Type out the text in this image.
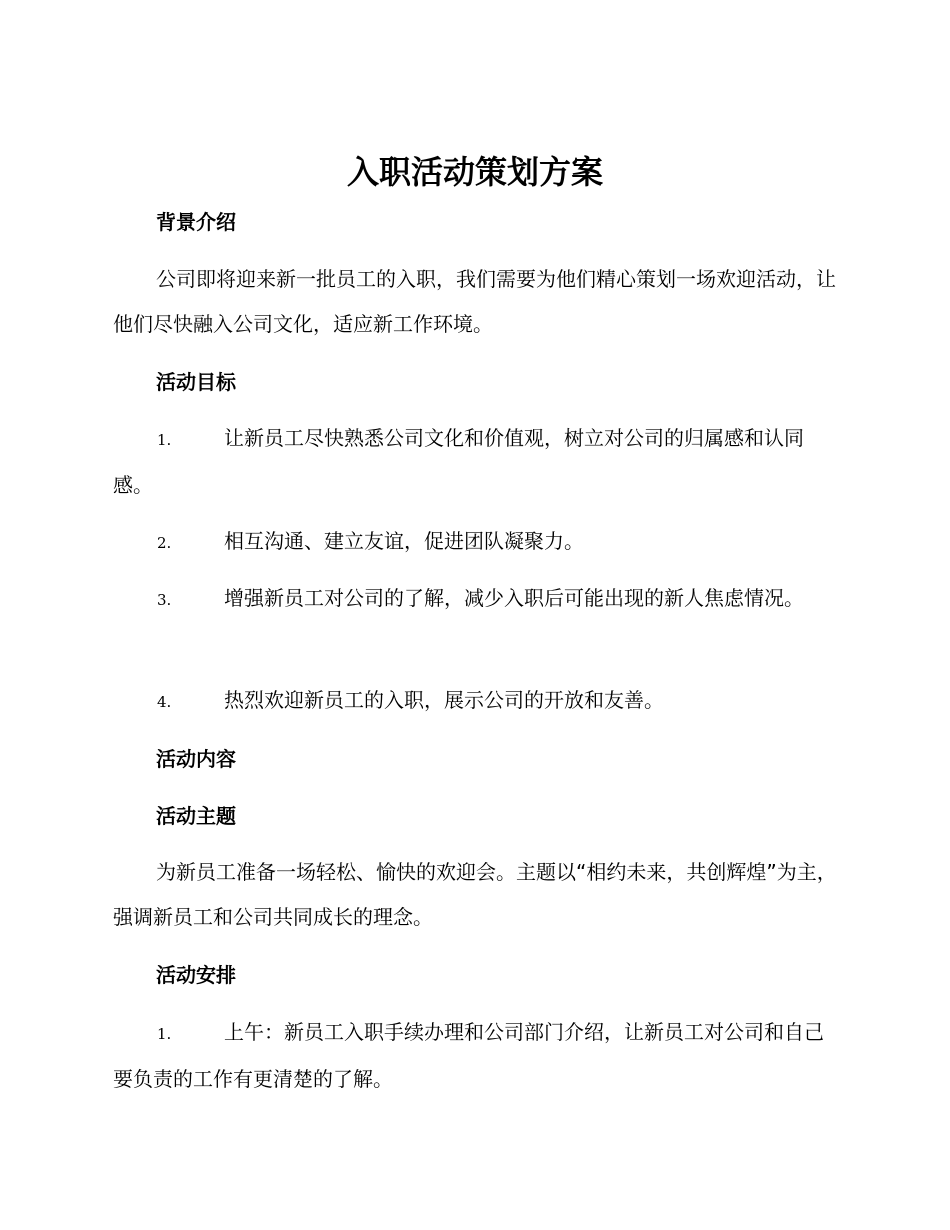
入职活动策划方案
背景介绍
公司即将迎来新一批员工的入职，我们需要为他们精心策划一场欢迎活动，让他们尽快融入公司文化，适应新工作环境。
活动目标
1.	让新员工尽快熟悉公司文化和价值观，树立对公司的归属感和认同感。
2.	相互沟通、建立友谊，促进团队凝聚力。
3.	增强新员工对公司的了解，减少入职后可能出现的新人焦虑情况。
4.	热烈欢迎新员工的入职，展示公司的开放和友善。
活动内容
活动主题
为新员工准备一场轻松、愉快的欢迎会。主题以“相约未来，共创辉煌”为主，强调新员工和公司共同成长的理念。
活动安排
1.	上午：新员工入职手续办理和公司部门介绍，让新员工对公司和自己要负责的工作有更清楚的了解。
